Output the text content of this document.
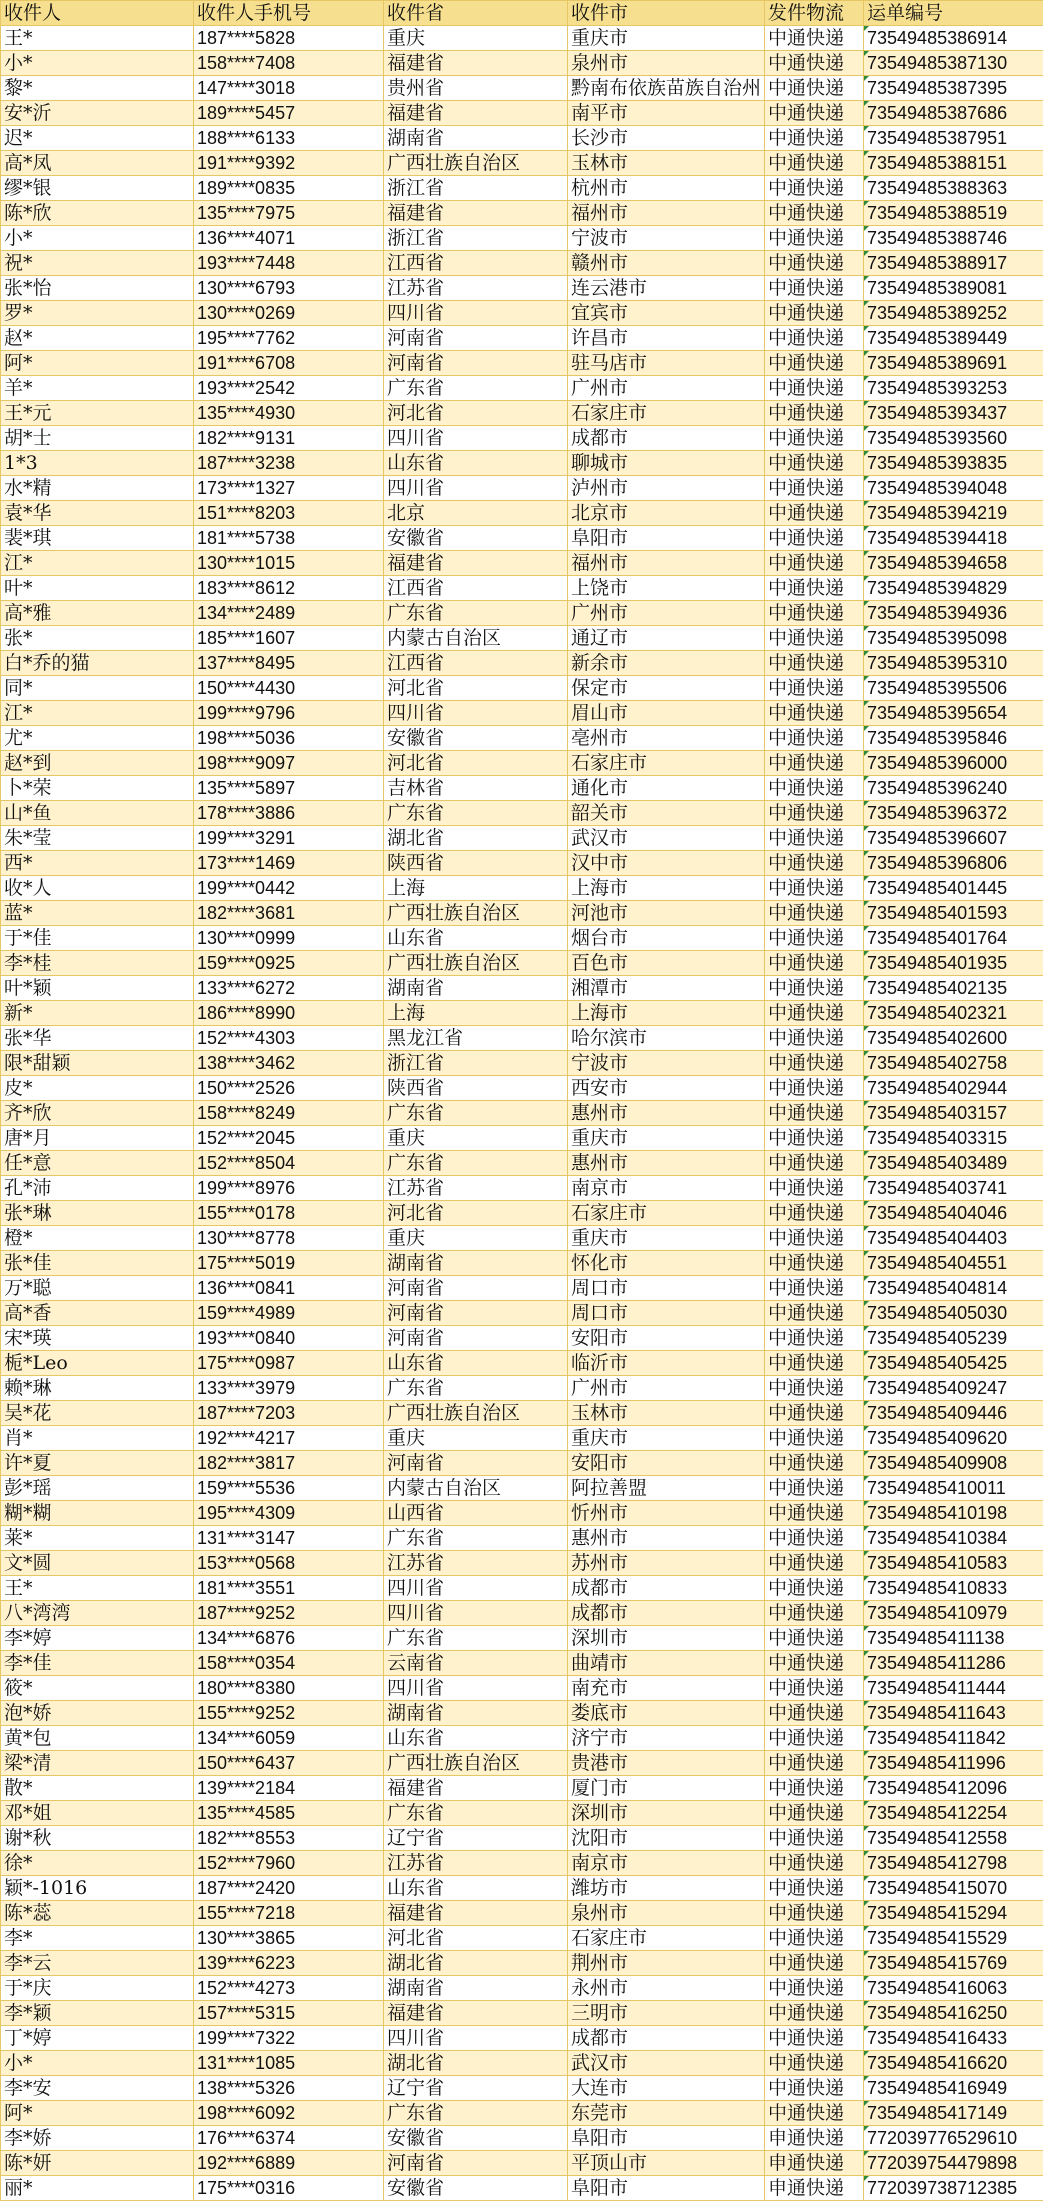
收件人	收件人手机号	收件省	收件市	发件物流	运单编号
王*	187****5828	重庆	重庆市	中通快递	73549485386914
小*	158****7408	福建省	泉州市	中通快递	73549485387130
黎*	147****3018	贵州省	黔南布依族苗族自治州	中通快递	73549485387395
安*沂	189****5457	福建省	南平市	中通快递	73549485387686
迟*	188****6133	湖南省	长沙市	中通快递	73549485387951
高*凤	191****9392	广西壮族自治区	玉林市	中通快递	73549485388151
缪*银	189****0835	浙江省	杭州市	中通快递	73549485388363
陈*欣	135****7975	福建省	福州市	中通快递	73549485388519
小*	136****4071	浙江省	宁波市	中通快递	73549485388746
祝*	193****7448	江西省	赣州市	中通快递	73549485388917
张*怡	130****6793	江苏省	连云港市	中通快递	73549485389081
罗*	130****0269	四川省	宜宾市	中通快递	73549485389252
赵*	195****7762	河南省	许昌市	中通快递	73549485389449
阿*	191****6708	河南省	驻马店市	中通快递	73549485389691
羊*	193****2542	广东省	广州市	中通快递	73549485393253
王*元	135****4930	河北省	石家庄市	中通快递	73549485393437
胡*士	182****9131	四川省	成都市	中通快递	73549485393560
1*3	187****3238	山东省	聊城市	中通快递	73549485393835
水*精	173****1327	四川省	泸州市	中通快递	73549485394048
袁*华	151****8203	北京	北京市	中通快递	73549485394219
裴*琪	181****5738	安徽省	阜阳市	中通快递	73549485394418
江*	130****1015	福建省	福州市	中通快递	73549485394658
叶*	183****8612	江西省	上饶市	中通快递	73549485394829
高*雅	134****2489	广东省	广州市	中通快递	73549485394936
张*	185****1607	内蒙古自治区	通辽市	中通快递	73549485395098
白*乔的猫	137****8495	江西省	新余市	中通快递	73549485395310
同*	150****4430	河北省	保定市	中通快递	73549485395506
江*	199****9796	四川省	眉山市	中通快递	73549485395654
尤*	198****5036	安徽省	亳州市	中通快递	73549485395846
赵*到	198****9097	河北省	石家庄市	中通快递	73549485396000
卜*荣	135****5897	吉林省	通化市	中通快递	73549485396240
山*鱼	178****3886	广东省	韶关市	中通快递	73549485396372
朱*莹	199****3291	湖北省	武汉市	中通快递	73549485396607
西*	173****1469	陕西省	汉中市	中通快递	73549485396806
收*人	199****0442	上海	上海市	中通快递	73549485401445
蓝*	182****3681	广西壮族自治区	河池市	中通快递	73549485401593
于*佳	130****0999	山东省	烟台市	中通快递	73549485401764
李*桂	159****0925	广西壮族自治区	百色市	中通快递	73549485401935
叶*颖	133****6272	湖南省	湘潭市	中通快递	73549485402135
新*	186****8990	上海	上海市	中通快递	73549485402321
张*华	152****4303	黑龙江省	哈尔滨市	中通快递	73549485402600
限*甜颖	138****3462	浙江省	宁波市	中通快递	73549485402758
皮*	150****2526	陕西省	西安市	中通快递	73549485402944
齐*欣	158****8249	广东省	惠州市	中通快递	73549485403157
唐*月	152****2045	重庆	重庆市	中通快递	73549485403315
任*意	152****8504	广东省	惠州市	中通快递	73549485403489
孔*沛	199****8976	江苏省	南京市	中通快递	73549485403741
张*琳	155****0178	河北省	石家庄市	中通快递	73549485404046
橙*	130****8778	重庆	重庆市	中通快递	73549485404403
张*佳	175****5019	湖南省	怀化市	中通快递	73549485404551
万*聪	136****0841	河南省	周口市	中通快递	73549485404814
高*香	159****4989	河南省	周口市	中通快递	73549485405030
宋*瑛	193****0840	河南省	安阳市	中通快递	73549485405239
栀*Leo	175****0987	山东省	临沂市	中通快递	73549485405425
赖*琳	133****3979	广东省	广州市	中通快递	73549485409247
吴*花	187****7203	广西壮族自治区	玉林市	中通快递	73549485409446
肖*	192****4217	重庆	重庆市	中通快递	73549485409620
许*夏	182****3817	河南省	安阳市	中通快递	73549485409908
彭*瑶	159****5536	内蒙古自治区	阿拉善盟	中通快递	73549485410011
糊*糊	195****4309	山西省	忻州市	中通快递	73549485410198
莱*	131****3147	广东省	惠州市	中通快递	73549485410384
文*圆	153****0568	江苏省	苏州市	中通快递	73549485410583
王*	181****3551	四川省	成都市	中通快递	73549485410833
八*湾湾	187****9252	四川省	成都市	中通快递	73549485410979
李*婷	134****6876	广东省	深圳市	中通快递	73549485411138
李*佳	158****0354	云南省	曲靖市	中通快递	73549485411286
筱*	180****8380	四川省	南充市	中通快递	73549485411444
泡*娇	155****9252	湖南省	娄底市	中通快递	73549485411643
黄*包	134****6059	山东省	济宁市	中通快递	73549485411842
梁*清	150****6437	广西壮族自治区	贵港市	中通快递	73549485411996
散*	139****2184	福建省	厦门市	中通快递	73549485412096
邓*姐	135****4585	广东省	深圳市	中通快递	73549485412254
谢*秋	182****8553	辽宁省	沈阳市	中通快递	73549485412558
徐*	152****7960	江苏省	南京市	中通快递	73549485412798
颖*-1016	187****2420	山东省	潍坊市	中通快递	73549485415070
陈*蕊	155****7218	福建省	泉州市	中通快递	73549485415294
李*	130****3865	河北省	石家庄市	中通快递	73549485415529
李*云	139****6223	湖北省	荆州市	中通快递	73549485415769
于*庆	152****4273	湖南省	永州市	中通快递	73549485416063
李*颖	157****5315	福建省	三明市	中通快递	73549485416250
丁*婷	199****7322	四川省	成都市	中通快递	73549485416433
小*	131****1085	湖北省	武汉市	中通快递	73549485416620
李*安	138****5326	辽宁省	大连市	中通快递	73549485416949
阿*	198****6092	广东省	东莞市	中通快递	73549485417149
李*娇	176****6374	安徽省	阜阳市	申通快递	772039776529610
陈*妍	192****6889	河南省	平顶山市	申通快递	772039754479898
丽*	175****0316	安徽省	阜阳市	申通快递	772039738712385
